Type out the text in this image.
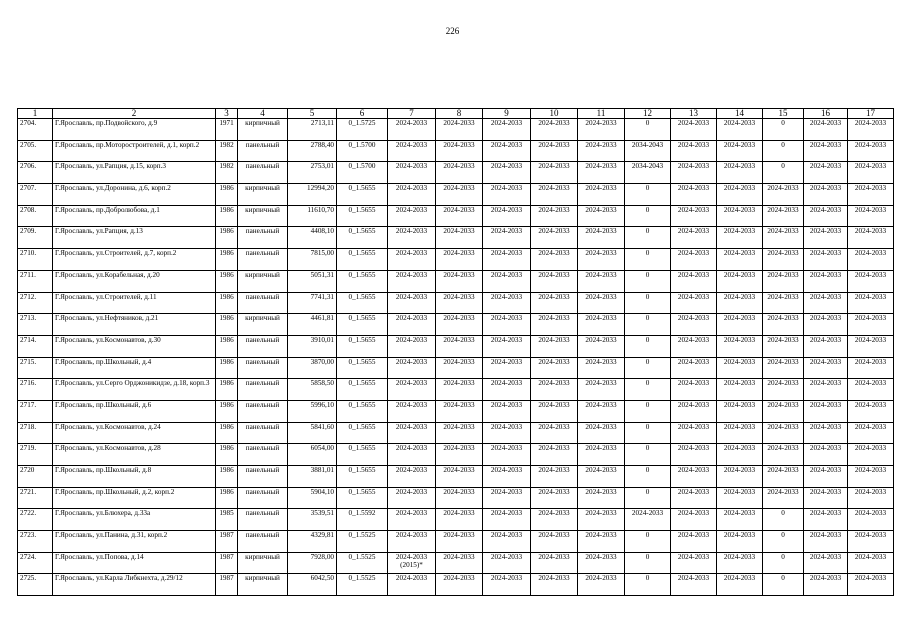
226
1	2	3	4	5	6	7	8	9	10	11	12	13	14	15	16	17
2704.	Г.Ярославль, пр.Подвойского, д.9	1971	кирпичный	2713,11	0_1.5725	2024-2033	2024-2033	2024-2033	2024-2033	2024-2033	0	2024-2033	2024-2033	0	2024-2033	2024-2033
2705.	Г.Ярославль, пр.Моторостроителей, д.1, корп.2	1982	панельный	2788,40	0_1.5700	2024-2033	2024-2033	2024-2033	2024-2033	2024-2033	2034-2043	2024-2033	2024-2033	0	2024-2033	2024-2033
2706.	Г.Ярославль, ул.Рапция, д.15, корп.3	1982	панельный	2753,01	0_1.5700	2024-2033	2024-2033	2024-2033	2024-2033	2024-2033	2034-2043	2024-2033	2024-2033	0	2024-2033	2024-2033
2707.	Г.Ярославль, ул.Доронина, д.6, корп.2	1986	кирпичный	12994,20	0_1.5655	2024-2033	2024-2033	2024-2033	2024-2033	2024-2033	0	2024-2033	2024-2033	2024-2033	2024-2033	2024-2033
2708.	Г.Ярославль, пр.Добролюбова, д.1	1986	кирпичный	11610,70	0_1.5655	2024-2033	2024-2033	2024-2033	2024-2033	2024-2033	0	2024-2033	2024-2033	2024-2033	2024-2033	2024-2033
2709.	Г.Ярославль, ул.Рапция, д.13	1986	панельный	4408,10	0_1.5655	2024-2033	2024-2033	2024-2033	2024-2033	2024-2033	0	2024-2033	2024-2033	2024-2033	2024-2033	2024-2033
2710.	Г.Ярославль, ул.Строителей, д.7, корп.2	1986	панельный	7815,00	0_1.5655	2024-2033	2024-2033	2024-2033	2024-2033	2024-2033	0	2024-2033	2024-2033	2024-2033	2024-2033	2024-2033
2711.	Г.Ярославль, ул.Корабельная, д.20	1986	кирпичный	5051,31	0_1.5655	2024-2033	2024-2033	2024-2033	2024-2033	2024-2033	0	2024-2033	2024-2033	2024-2033	2024-2033	2024-2033
2712.	Г.Ярославль, ул.Строителей, д.11	1986	панельный	7741,31	0_1.5655	2024-2033	2024-2033	2024-2033	2024-2033	2024-2033	0	2024-2033	2024-2033	2024-2033	2024-2033	2024-2033
2713.	Г.Ярославль, ул.Нефтяников, д.21	1986	кирпичный	4461,81	0_1.5655	2024-2033	2024-2033	2024-2033	2024-2033	2024-2033	0	2024-2033	2024-2033	2024-2033	2024-2033	2024-2033
2714.	Г.Ярославль, ул.Космонавтов, д.30	1986	панельный	3910,01	0_1.5655	2024-2033	2024-2033	2024-2033	2024-2033	2024-2033	0	2024-2033	2024-2033	2024-2033	2024-2033	2024-2033
2715.	Г.Ярославль, пр.Школьный, д.4	1986	панельный	3870,00	0_1.5655	2024-2033	2024-2033	2024-2033	2024-2033	2024-2033	0	2024-2033	2024-2033	2024-2033	2024-2033	2024-2033
2716.	Г.Ярославль, ул.Серго Орджоникидзе, д.18, корп.3	1986	панельный	5858,50	0_1.5655	2024-2033	2024-2033	2024-2033	2024-2033	2024-2033	0	2024-2033	2024-2033	2024-2033	2024-2033	2024-2033
2717.	Г.Ярославль, пр.Школьный, д.6	1986	панельный	5996,10	0_1.5655	2024-2033	2024-2033	2024-2033	2024-2033	2024-2033	0	2024-2033	2024-2033	2024-2033	2024-2033	2024-2033
2718.	Г.Ярославль, ул.Космонавтов, д.24	1986	панельный	5841,60	0_1.5655	2024-2033	2024-2033	2024-2033	2024-2033	2024-2033	0	2024-2033	2024-2033	2024-2033	2024-2033	2024-2033
2719.	Г.Ярославль, ул.Космонавтов, д.28	1986	панельный	6054,00	0_1.5655	2024-2033	2024-2033	2024-2033	2024-2033	2024-2033	0	2024-2033	2024-2033	2024-2033	2024-2033	2024-2033
2720	Г.Ярославль, пр.Школьный, д.8	1986	панельный	3881,01	0_1.5655	2024-2033	2024-2033	2024-2033	2024-2033	2024-2033	0	2024-2033	2024-2033	2024-2033	2024-2033	2024-2033
2721.	Г.Ярославль, пр.Школьный, д.2, корп.2	1986	панельный	5904,10	0_1.5655	2024-2033	2024-2033	2024-2033	2024-2033	2024-2033	0	2024-2033	2024-2033	2024-2033	2024-2033	2024-2033
2722.	Г.Ярославль, ул.Блюхера, д.33а	1985	панельный	3539,51	0_1.5592	2024-2033	2024-2033	2024-2033	2024-2033	2024-2033	2024-2033	2024-2033	2024-2033	0	2024-2033	2024-2033
2723.	Г.Ярославль, ул.Панина, д.31, корп.2	1987	панельный	4329,81	0_1.5525	2024-2033	2024-2033	2024-2033	2024-2033	2024-2033	0	2024-2033	2024-2033	0	2024-2033	2024-2033
2724.	Г.Ярославль, ул.Попова, д.14	1987	кирпичный	7928,00	0_1.5525	2024-2033 (2015)*	2024-2033	2024-2033	2024-2033	2024-2033	0	2024-2033	2024-2033	0	2024-2033	2024-2033
2725.	Г.Ярославль, ул.Карла Либкнехта, д.29/12	1987	кирпичный	6042,50	0_1.5525	2024-2033	2024-2033	2024-2033	2024-2033	2024-2033	0	2024-2033	2024-2033	0	2024-2033	2024-2033
